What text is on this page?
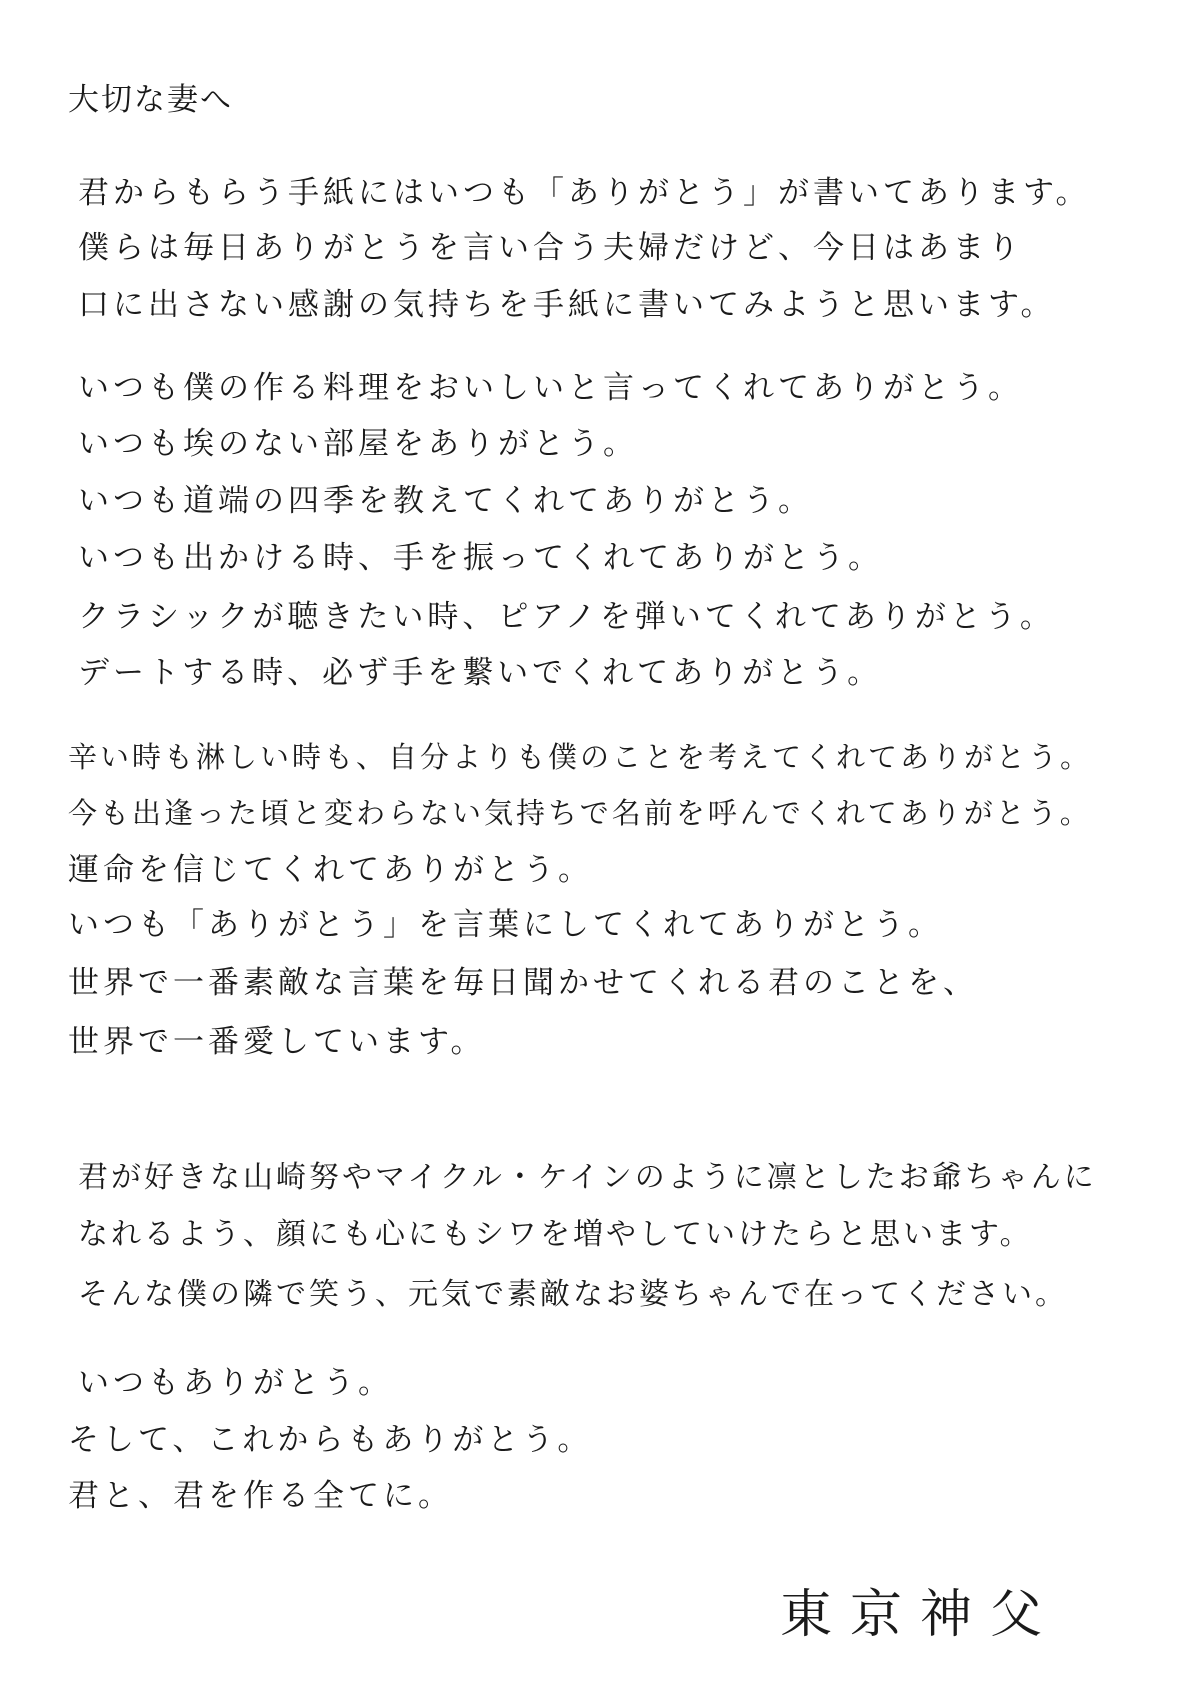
大切な妻へ
君からもらう手紙にはいつも「ありがとう」が書いてあります。
僕らは毎日ありがとうを言い合う夫婦だけど、今日はあまり
口に出さない感謝の気持ちを手紙に書いてみようと思います。
いつも僕の作る料理をおいしいと言ってくれてありがとう。
いつも埃のない部屋をありがとう。
いつも道端の四季を教えてくれてありがとう。
いつも出かける時、手を振ってくれてありがとう。
クラシックが聴きたい時、ピアノを弾いてくれてありがとう。
デートする時、必ず手を繋いでくれてありがとう。
辛い時も淋しい時も、自分よりも僕のことを考えてくれてありがとう。
今も出逢った頃と変わらない気持ちで名前を呼んでくれてありがとう。
運命を信じてくれてありがとう。
いつも「ありがとう」を言葉にしてくれてありがとう。
世界で一番素敵な言葉を毎日聞かせてくれる君のことを、
世界で一番愛しています。
君が好きな山崎努やマイクル・ケインのように凛としたお爺ちゃんに
なれるよう、顔にも心にもシワを増やしていけたらと思います。
そんな僕の隣で笑う、元気で素敵なお婆ちゃんで在ってください。
いつもありがとう。
そして、これからもありがとう。
君と、君を作る全てに。
東京神父
